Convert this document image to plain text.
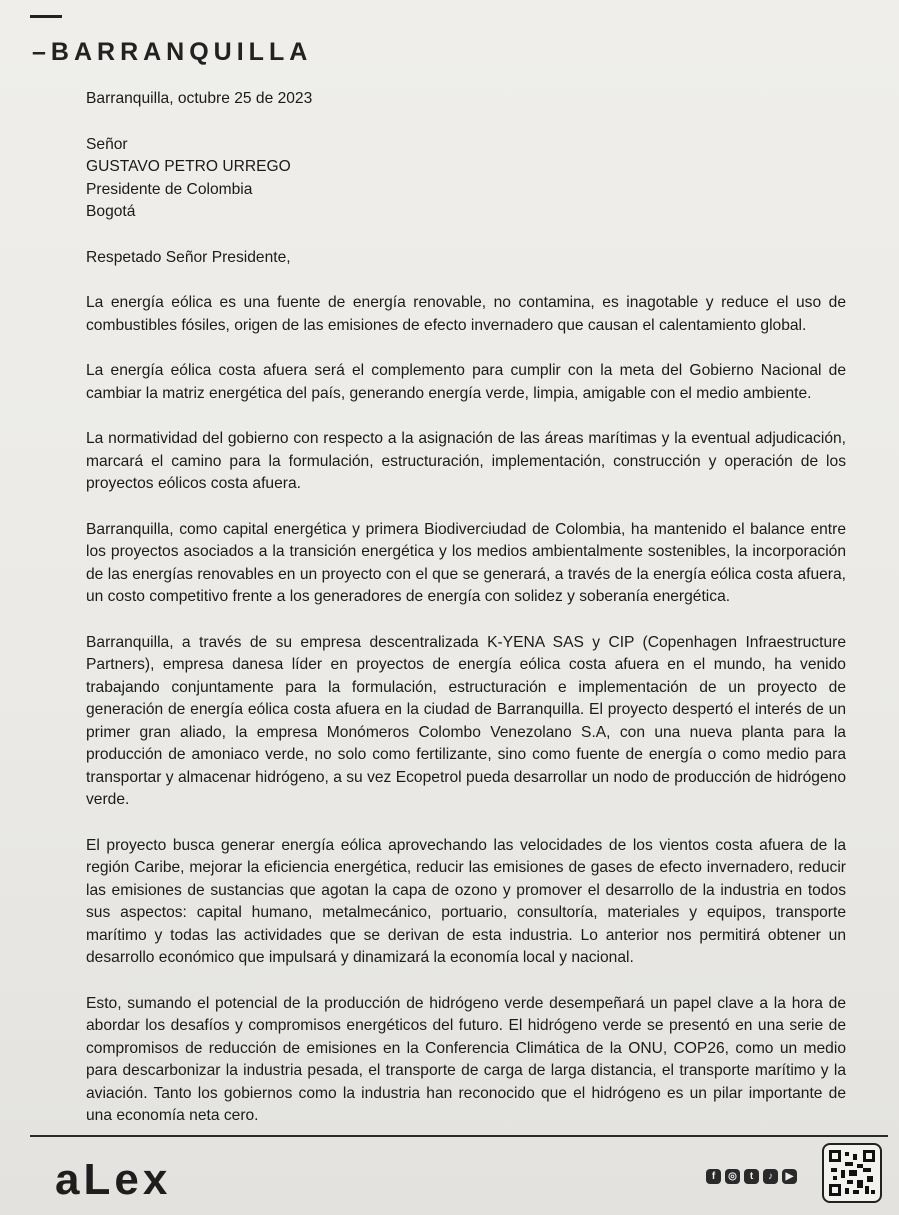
–BARRANQUILLA

Barranquilla, octubre 25 de 2023

Señor

GUSTAVO PETRO URREGO

Presidente de Colombia

Bogotá

Respetado Señor Presidente,

La energía eólica es una fuente de energía renovable, no contamina, es inagotable y reduce el uso de combustibles fósiles, origen de las emisiones de efecto invernadero que causan el calentamiento global.

La energía eólica costa afuera será el complemento para cumplir con la meta del Gobierno Nacional de cambiar la matriz energética del país, generando energía verde, limpia, amigable con el medio ambiente.

La normatividad del gobierno con respecto a la asignación de las áreas marítimas y la eventual adjudicación, marcará el camino para la formulación, estructuración, implementación, construcción y operación de los proyectos eólicos costa afuera.

Barranquilla, como capital energética y primera Biodiverciudad de Colombia, ha mantenido el balance entre los proyectos asociados a la transición energética y los medios ambientalmente sostenibles, la incorporación de las energías renovables en un proyecto con el que se generará, a través de la energía eólica costa afuera, un costo competitivo frente a los generadores de energía con solidez y soberanía energética.

Barranquilla, a través de su empresa descentralizada K-YENA SAS y CIP (Copenhagen Infraestructure Partners), empresa danesa líder en proyectos de energía eólica costa afuera en el mundo, ha venido trabajando conjuntamente para la formulación, estructuración e implementación de un proyecto de generación de energía eólica costa afuera en la ciudad de Barranquilla. El proyecto despertó el interés de un primer gran aliado, la empresa Monómeros Colombo Venezolano S.A, con una nueva planta para la producción de amoniaco verde, no solo como fertilizante, sino como fuente de energía o como medio para transportar y almacenar hidrógeno, a su vez Ecopetrol pueda desarrollar un nodo de producción de hidrógeno verde.

El proyecto busca generar energía eólica aprovechando las velocidades de los vientos costa afuera de la región Caribe, mejorar la eficiencia energética, reducir las emisiones de gases de efecto invernadero, reducir las emisiones de sustancias que agotan la capa de ozono y promover el desarrollo de la industria en todos sus aspectos: capital humano, metalmecánico, portuario, consultoría, materiales y equipos, transporte marítimo y todas las actividades que se derivan de esta industria. Lo anterior nos permitirá obtener un desarrollo económico que impulsará y dinamizará la economía local y nacional.

Esto, sumando el potencial de la producción de hidrógeno verde desempeñará un papel clave a la hora de abordar los desafíos y compromisos energéticos del futuro. El hidrógeno verde se presentó en una serie de compromisos de reducción de emisiones en la Conferencia Climática de la ONU, COP26, como un medio para descarbonizar la industria pesada, el transporte de carga de larga distancia, el transporte marítimo y la aviación. Tanto los gobiernos como la industria han reconocido que el hidrógeno es un pilar importante de una economía neta cero.

aLex	f	◎	t	♪	▶
